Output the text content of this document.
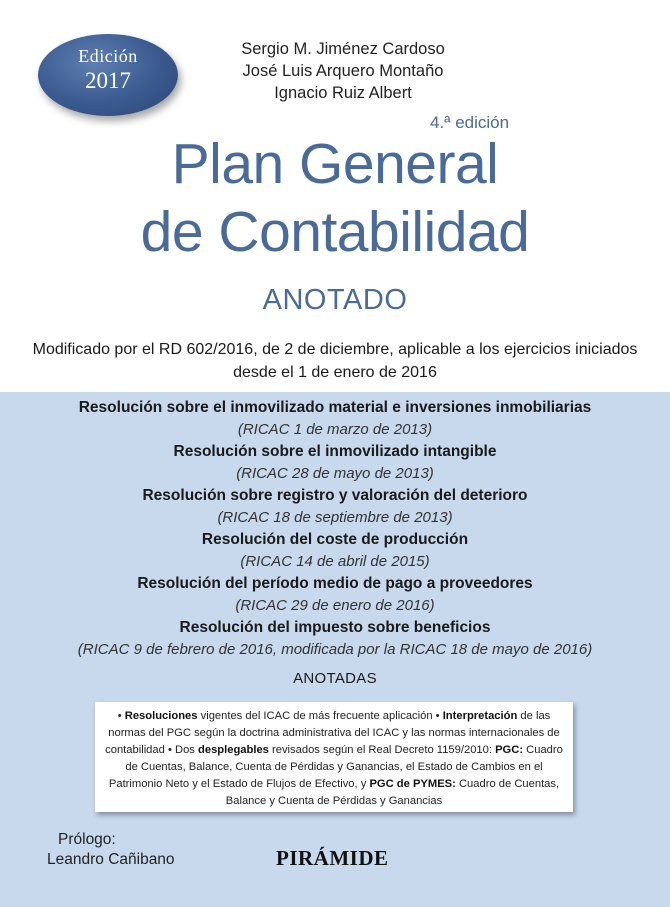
Edición
2017
Sergio M. Jiménez Cardoso
José Luis Arquero Montaño
Ignacio Ruiz Albert
4.ª edición
Plan General
de Contabilidad
ANOTADO
Modificado por el RD 602/2016, de 2 de diciembre, aplicable a los ejercicios iniciados
desde el 1 de enero de 2016
Resolución sobre el inmovilizado material e inversiones inmobiliarias
(RICAC 1 de marzo de 2013)
Resolución sobre el inmovilizado intangible
(RICAC 28 de mayo de 2013)
Resolución sobre registro y valoración del deterioro
(RICAC 18 de septiembre de 2013)
Resolución del coste de producción
(RICAC 14 de abril de 2015)
Resolución del período medio de pago a proveedores
(RICAC 29 de enero de 2016)
Resolución del impuesto sobre beneficios
(RICAC 9 de febrero de 2016, modificada por la RICAC 18 de mayo de 2016)
ANOTADAS
• Resoluciones vigentes del ICAC de más frecuente aplicación • Interpretación de las normas del PGC según la doctrina administrativa del ICAC y las normas internacionales de contabilidad • Dos desplegables revisados según el Real Decreto 1159/2010: PGC: Cuadro de Cuentas, Balance, Cuenta de Pérdidas y Ganancias, el Estado de Cambios en el Patrimonio Neto y el Estado de Flujos de Efectivo, y PGC de PYMES: Cuadro de Cuentas, Balance y Cuenta de Pérdidas y Ganancias
Prólogo:
Leandro Cañibano	PIRÁMIDE
